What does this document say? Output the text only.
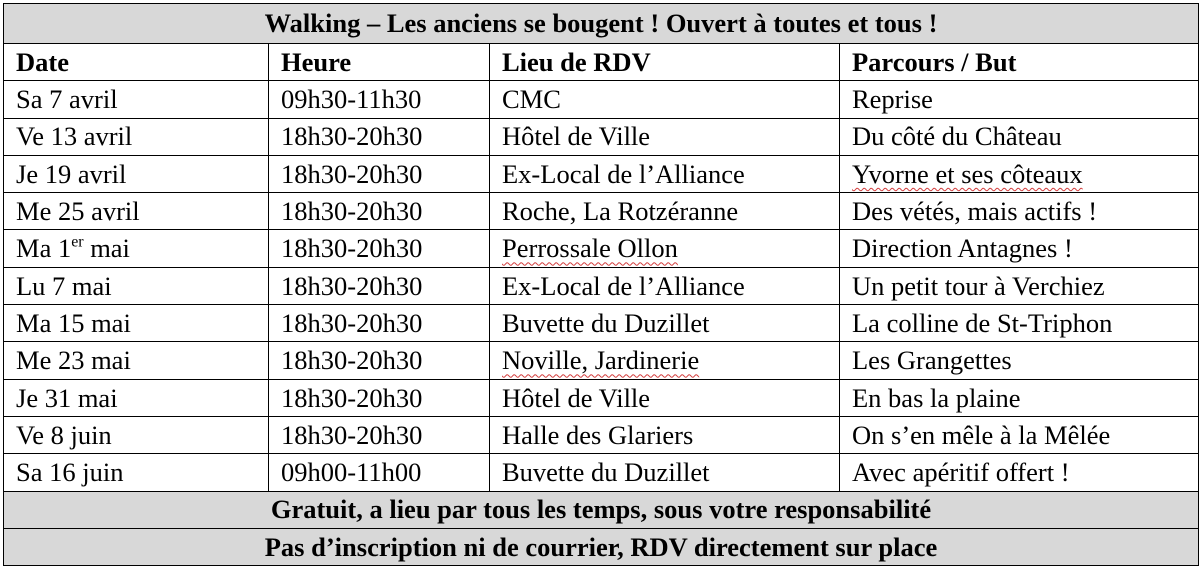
Walking – Les anciens se bougent ! Ouvert à toutes et tous !			
Date	Heure	Lieu de RDV	Parcours / But
Sa 7 avril	09h30-11h30	CMC	Reprise
Ve 13 avril	18h30-20h30	Hôtel de Ville	Du côté du Château
Je 19 avril	18h30-20h30	Ex-Local de l’Alliance	Yvorne et ses côteaux
Me 25 avril	18h30-20h30	Roche, La Rotzéranne	Des vétés, mais actifs !
Ma 1er mai	18h30-20h30	Perrossale Ollon	Direction Antagnes !
Lu 7 mai	18h30-20h30	Ex-Local de l’Alliance	Un petit tour à Verchiez
Ma 15 mai	18h30-20h30	Buvette du Duzillet	La colline de St-Triphon
Me 23 mai	18h30-20h30	Noville, Jardinerie	Les Grangettes
Je 31 mai	18h30-20h30	Hôtel de Ville	En bas la plaine
Ve 8 juin	18h30-20h30	Halle des Glariers	On s’en mêle à la Mêlée
Sa 16 juin	09h00-11h00	Buvette du Duzillet	Avec apéritif offert !
Gratuit, a lieu par tous les temps, sous votre responsabilité			
Pas d’inscription ni de courrier, RDV directement sur place			
